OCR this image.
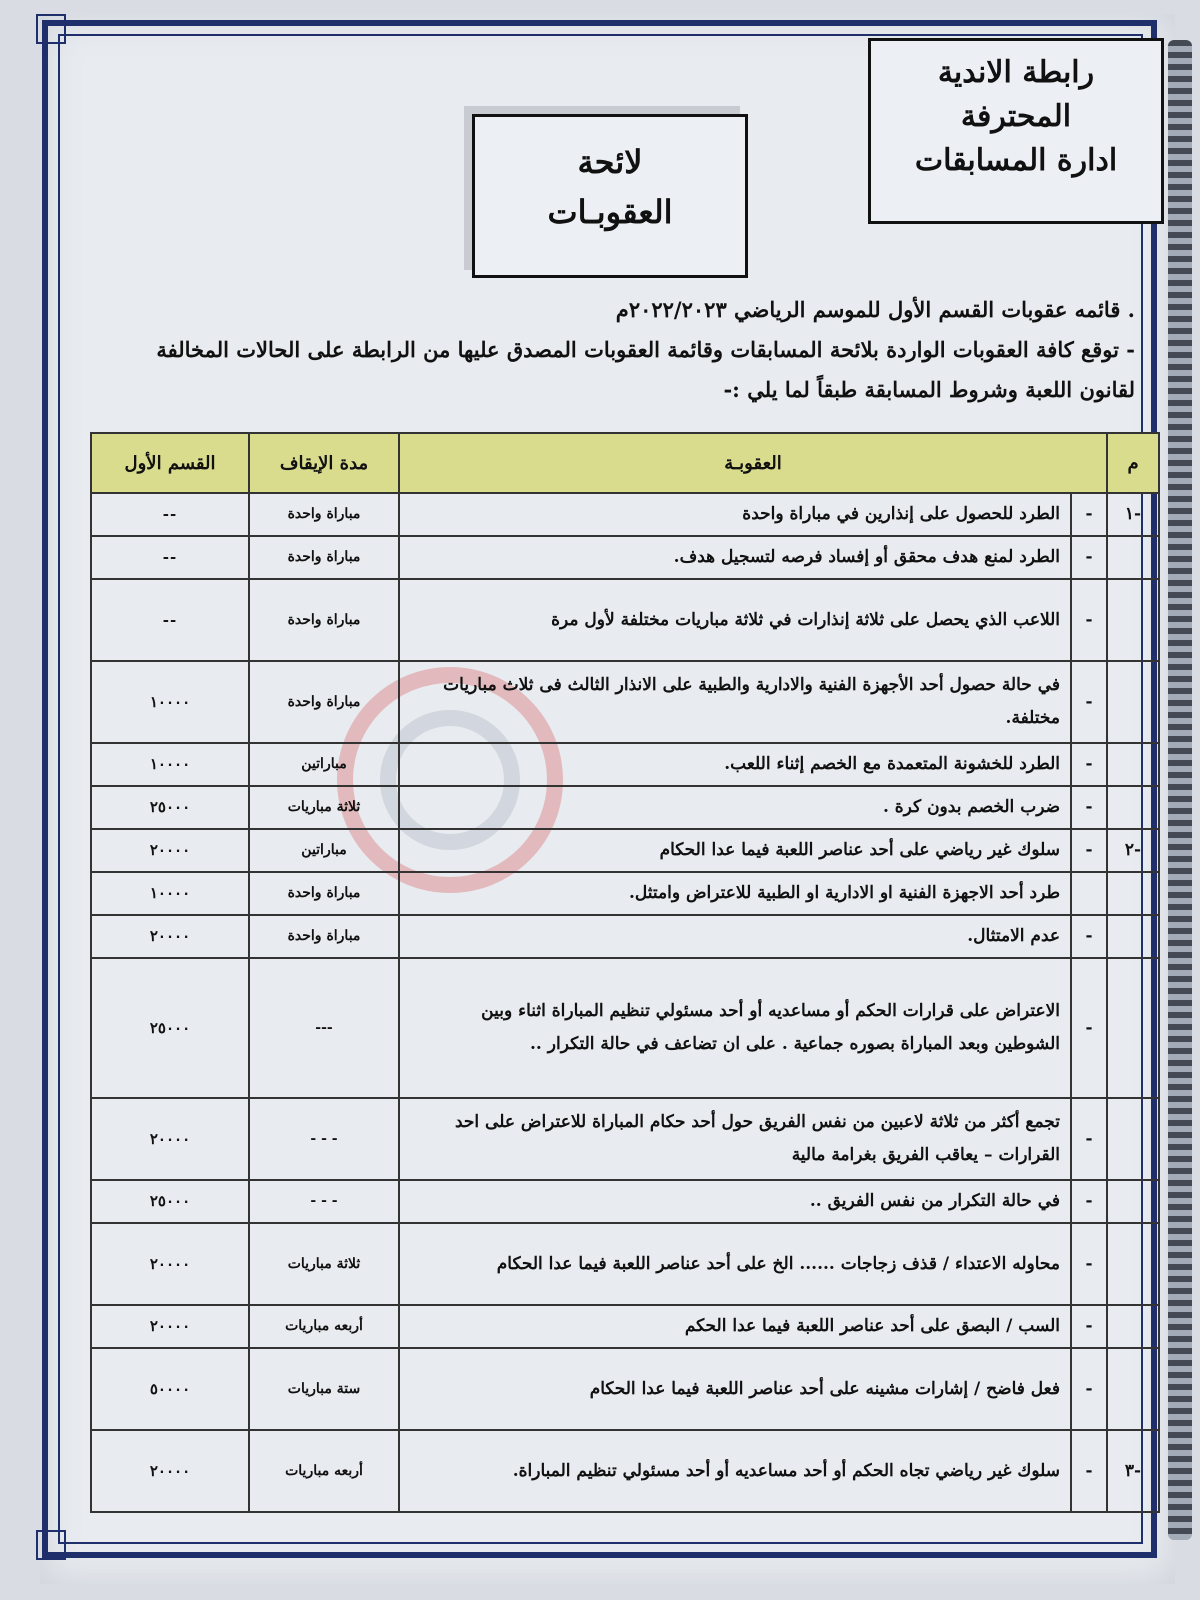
رابطة الاندية
المحترفة
ادارة المسابقات
لائحة
العقوبـات

. قائمه عقوبات القسم الأول للموسم الرياضي ٢٠٢٢/٢٠٢٣م

- توقع كافة العقوبات الواردة بلائحة المسابقات وقائمة العقوبات المصدق عليها من الرابطة على الحالات المخالفة لقانون اللعبة وشروط المسابقة طبقاً لما يلي :-

م	العقوبـة		مدة الإيقاف	القسم الأول
-١	-	الطرد للحصول على إنذارين في مباراة واحدة	مباراة واحدة	--
	-	الطرد لمنع هدف محقق أو إفساد فرصه لتسجيل هدف.	مباراة واحدة	--
	-	اللاعب الذي يحصل على ثلاثة إنذارات في ثلاثة مباريات مختلفة لأول مرة	مباراة واحدة	--
	-	في حالة حصول أحد الأجهزة الفنية والادارية والطبية على الانذار الثالث فى ثلاث مباريات مختلفة.	مباراة واحدة	١٠٠٠٠
	-	الطرد للخشونة المتعمدة مع الخصم إثناء اللعب.	مباراتين	١٠٠٠٠
	-	ضرب الخصم بدون كرة .	ثلاثة مباريات	٢٥٠٠٠
-٢	-	سلوك غير رياضي على أحد عناصر اللعبة فيما عدا الحكام	مباراتين	٢٠٠٠٠
		طرد أحد الاجهزة الفنية او الادارية او الطبية للاعتراض وامتثل.	مباراة واحدة	١٠٠٠٠
	-	عدم الامتثال.	مباراة واحدة	٢٠٠٠٠
	-	الاعتراض على قرارات الحكم أو مساعديه أو أحد مسئولي تنظيم المباراة اثناء وبين الشوطين وبعد المباراة بصوره جماعية . على ان تضاعف في حالة التكرار ..	---	٢٥٠٠٠
	-	تجمع أكثر من ثلاثة لاعبين من نفس الفريق حول أحد حكام المباراة للاعتراض على احد القرارات – يعاقب الفريق بغرامة مالية	- - -	٢٠٠٠٠
	-	في حالة التكرار من نفس الفريق ..	- - -	٢٥٠٠٠
	-	محاوله الاعتداء / قذف زجاجات ...... الخ على أحد عناصر اللعبة فيما عدا الحكام	ثلاثة مباريات	٢٠٠٠٠
	-	السب / البصق على أحد عناصر اللعبة فيما عدا الحكم	أربعه مباريات	٢٠٠٠٠
	-	فعل فاضح / إشارات مشينه على أحد عناصر اللعبة فيما عدا الحكام	ستة مباريات	٥٠٠٠٠
-٣	-	سلوك غير رياضي تجاه الحكم أو أحد مساعديه أو أحد مسئولي تنظيم المباراة.	أربعه مباريات	٢٠٠٠٠
